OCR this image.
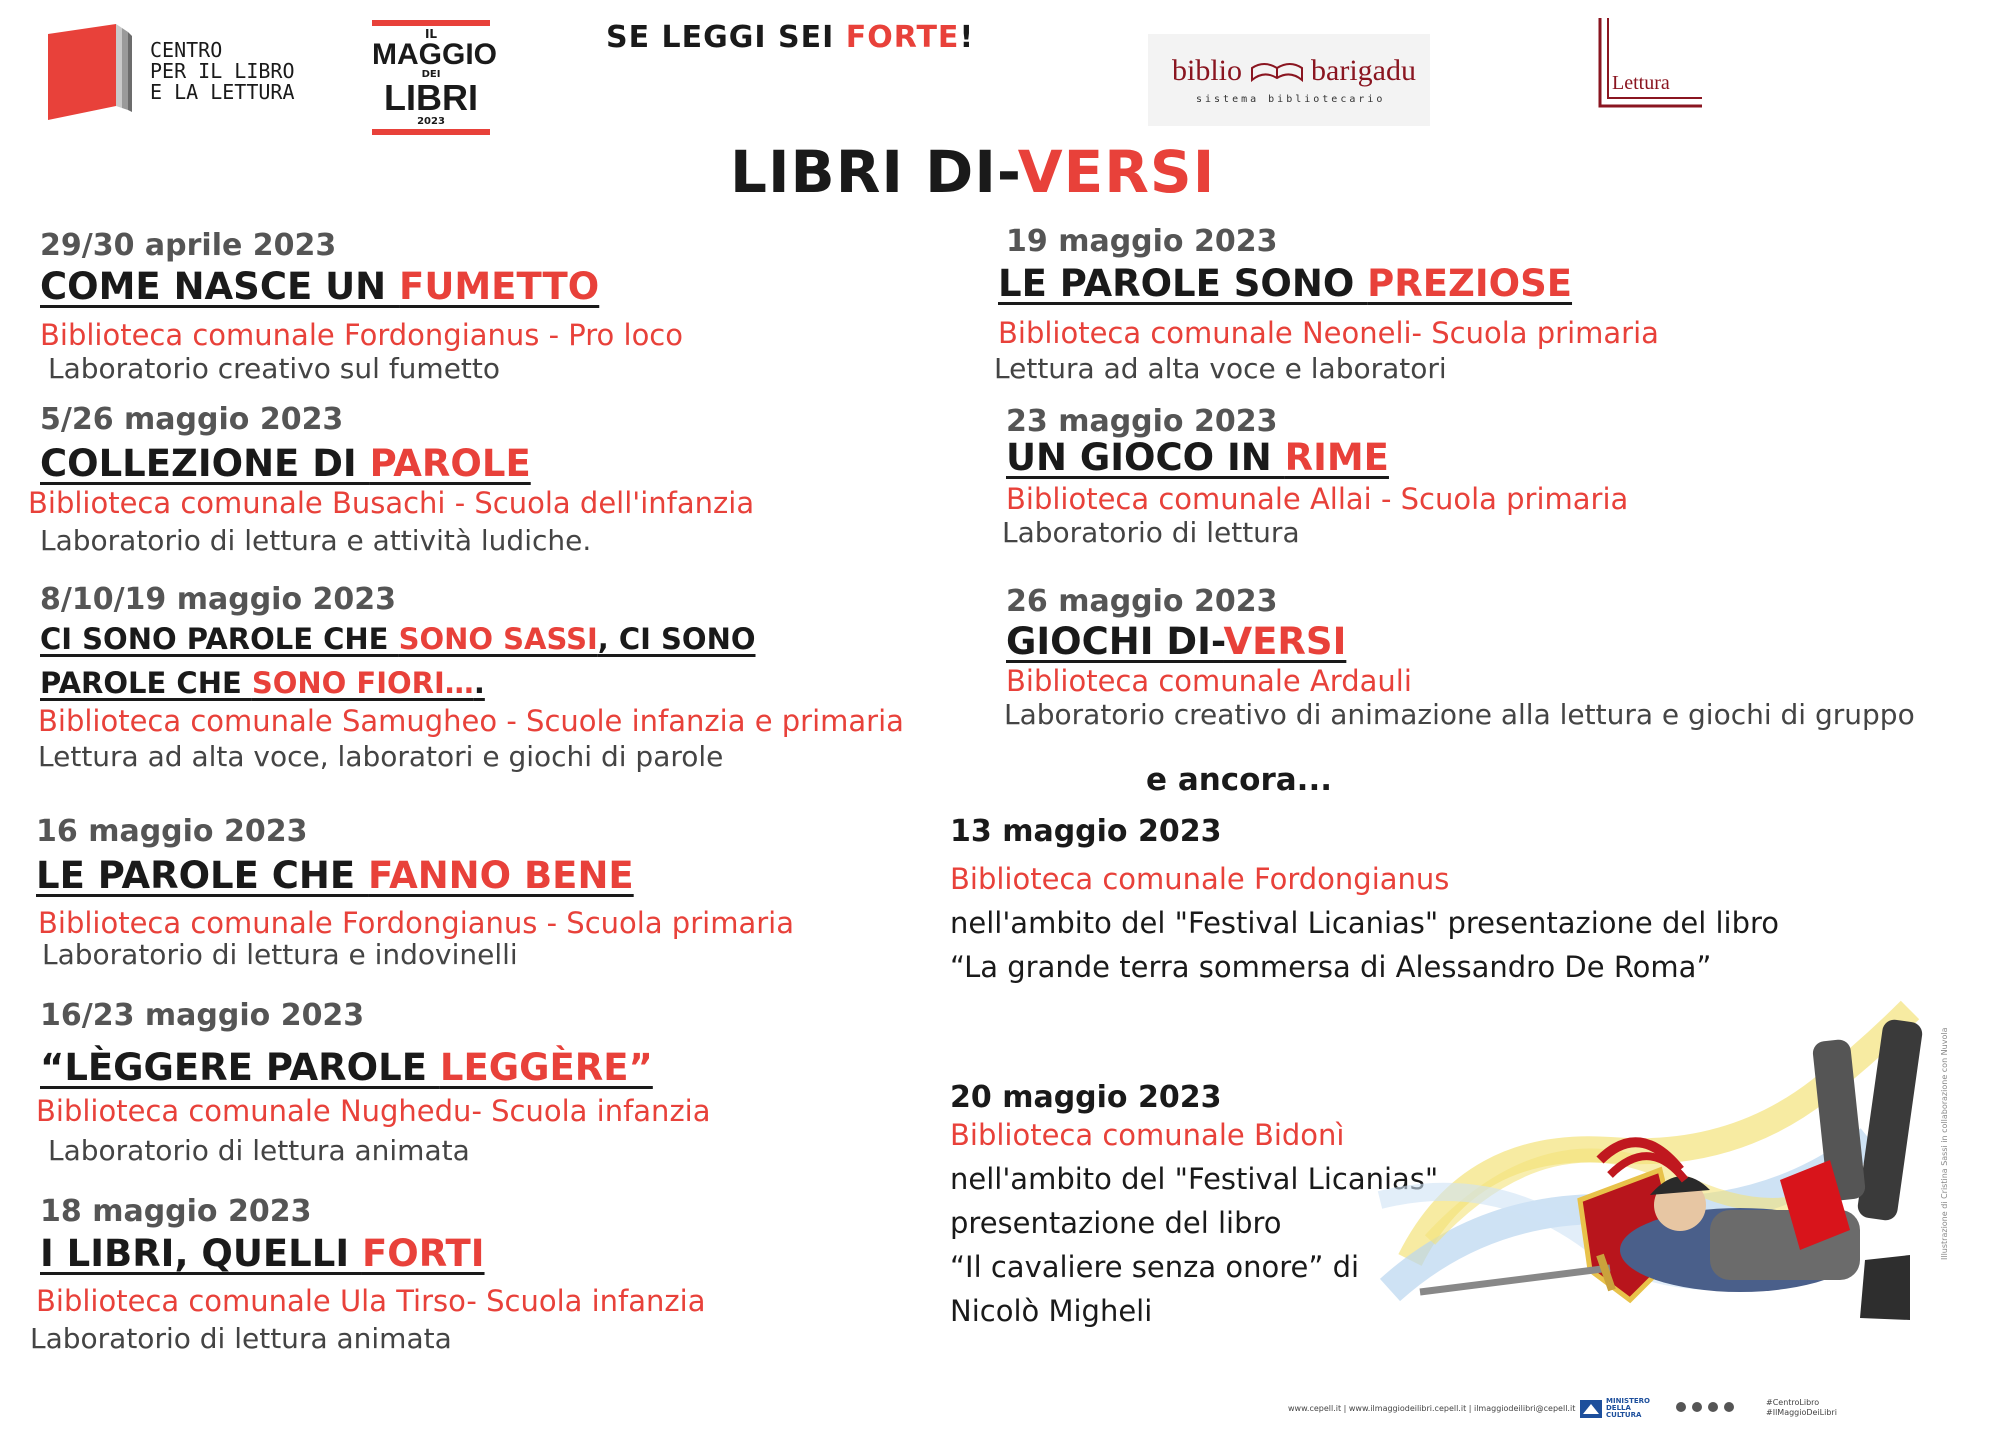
CENTRO
PER IL LIBRO
E LA LETTURA
IL
MAGGIO
DEI
LIBRI
2023
SE LEGGI SEI FORTE!
biblio barigadu
sistema bibliotecario
Lettura
LIBRI DI-VERSI
29/30 aprile 2023
COME NASCE UN FUMETTO
Biblioteca comunale Fordongianus - Pro loco
Laboratorio creativo sul fumetto
5/26 maggio 2023
COLLEZIONE DI PAROLE
Biblioteca comunale Busachi - Scuola dell'infanzia
Laboratorio di lettura e attività ludiche.
8/10/19 maggio 2023
CI SONO PAROLE CHE SONO SASSI, CI SONO
PAROLE CHE SONO FIORI….
Biblioteca comunale Samugheo - Scuole infanzia e primaria
Lettura ad alta voce, laboratori e giochi di parole
16 maggio 2023
LE PAROLE CHE FANNO BENE
Biblioteca comunale Fordongianus - Scuola primaria
Laboratorio di lettura e indovinelli
16/23 maggio 2023
“LÈGGERE PAROLE LEGGÈRE”
Biblioteca comunale Nughedu- Scuola infanzia
Laboratorio di lettura animata
18 maggio 2023
I LIBRI, QUELLI FORTI
Biblioteca comunale Ula Tirso- Scuola infanzia
Laboratorio di lettura animata
19 maggio 2023
LE PAROLE SONO PREZIOSE
Biblioteca comunale Neoneli- Scuola primaria
Lettura ad alta voce e laboratori
23 maggio 2023
UN GIOCO IN RIME
Biblioteca comunale Allai - Scuola primaria
Laboratorio di lettura
26 maggio 2023
GIOCHI DI-VERSI
Biblioteca comunale Ardauli
Laboratorio creativo di animazione alla lettura e giochi di gruppo
e ancora...
13 maggio 2023
Biblioteca comunale Fordongianus
nell'ambito del "Festival Licanias" presentazione del libro
“La grande terra sommersa di Alessandro De Roma”
20 maggio 2023
Biblioteca comunale Bidonì
nell'ambito del "Festival Licanias"
presentazione del libro
“Il cavaliere senza onore” di
Nicolò Migheli
Illustrazione di Cristina Sassi in collaborazione con Nuvola
www.cepell.it | www.ilmaggiodeilibri.cepell.it | ilmaggiodeilibri@cepell.it
MINISTERO
DELLA
CULTURA
#CentroLibro
#IlMaggioDeiLibri
